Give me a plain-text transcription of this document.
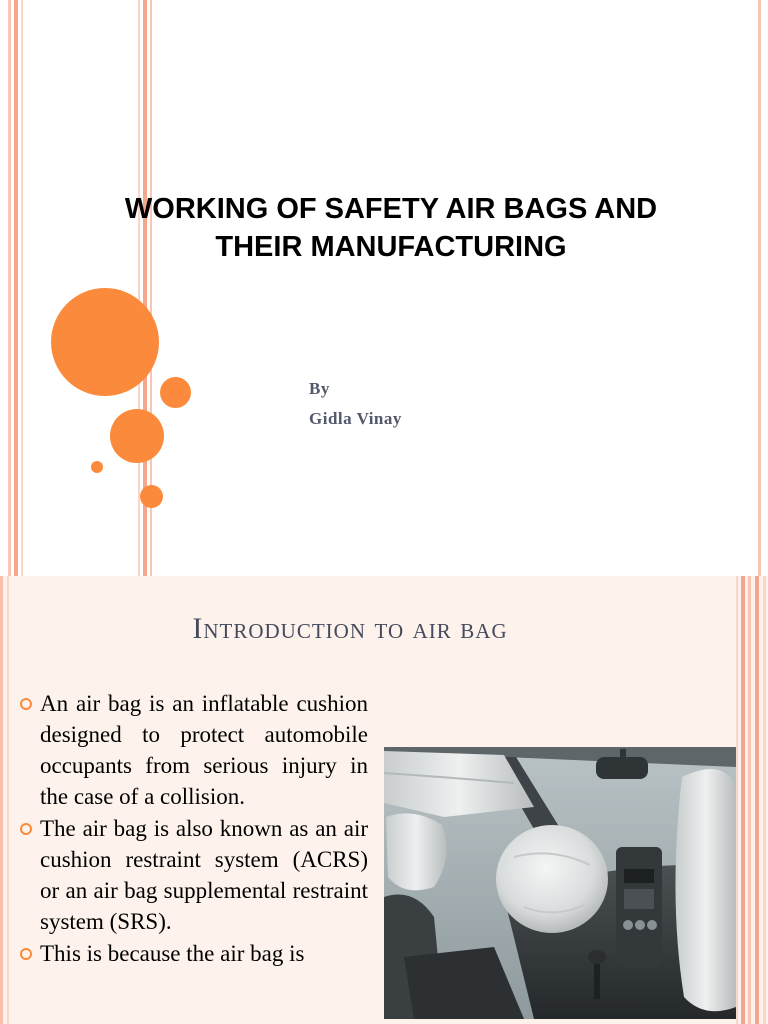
WORKING OF SAFETY AIR BAGS AND
THEIR MANUFACTURING
By
Gidla Vinay
Introduction to air bag
An air bag is an inflatable cushion designed to protect automobile occupants from serious injury in the case of a collision.
The air bag is also known as an air cushion restraint system (ACRS) or an air bag supplemental restraint system (SRS).
This is because the air bag is
